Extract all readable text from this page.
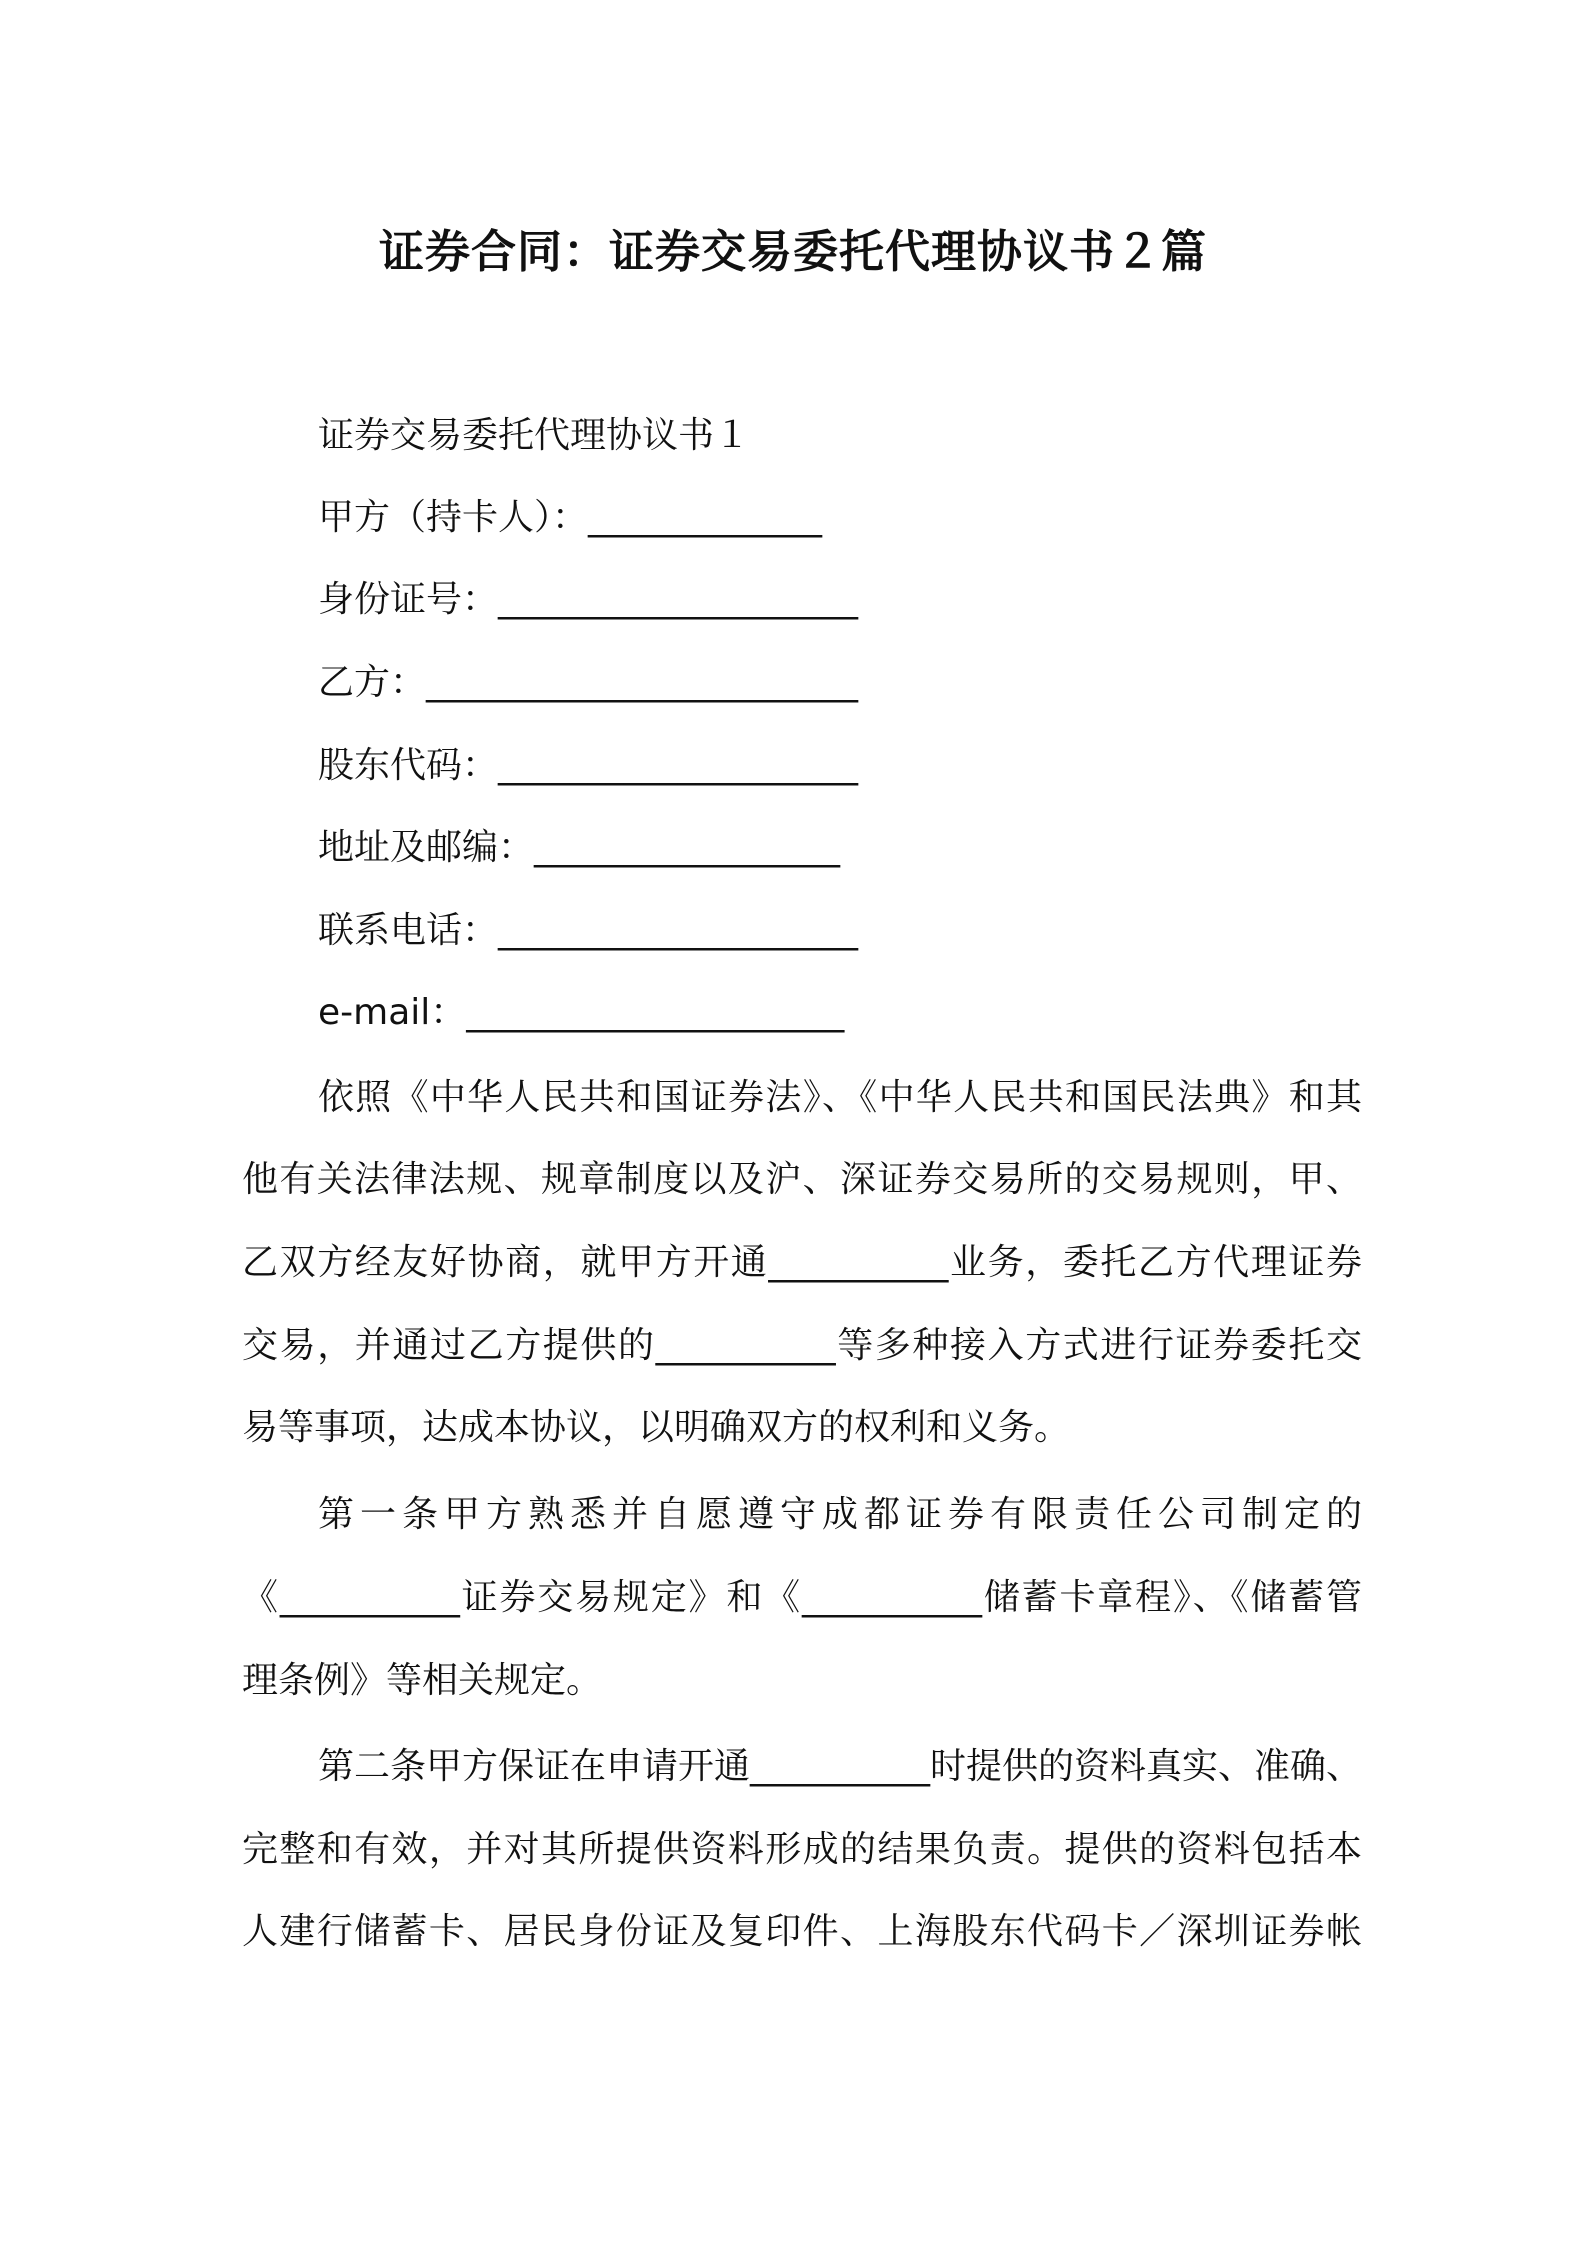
证券合同：证券交易委托代理协议书２篇
证券交易委托代理协议书１
甲方（持卡人）：_____________
身份证号：____________________
乙方：________________________
股东代码：____________________
地址及邮编：_________________
联系电话：____________________
e-mail：_____________________
依照《中华人民共和国证券法》、《中华人民共和国民法典》和其
他有关法律法规、规章制度以及沪、深证券交易所的交易规则，甲、
乙双方经友好协商，就甲方开通__________业务，委托乙方代理证券
交易，并通过乙方提供的__________等多种接入方式进行证券委托交
易等事项，达成本协议，以明确双方的权利和义务。
第一条甲方熟悉并自愿遵守成都证券有限责任公司制定的
《__________证券交易规定》和《__________储蓄卡章程》、《储蓄管
理条例》等相关规定。
第二条甲方保证在申请开通__________时提供的资料真实、准确、
完整和有效，并对其所提供资料形成的结果负责。提供的资料包括本
人建行储蓄卡、居民身份证及复印件、上海股东代码卡／深圳证券帐
